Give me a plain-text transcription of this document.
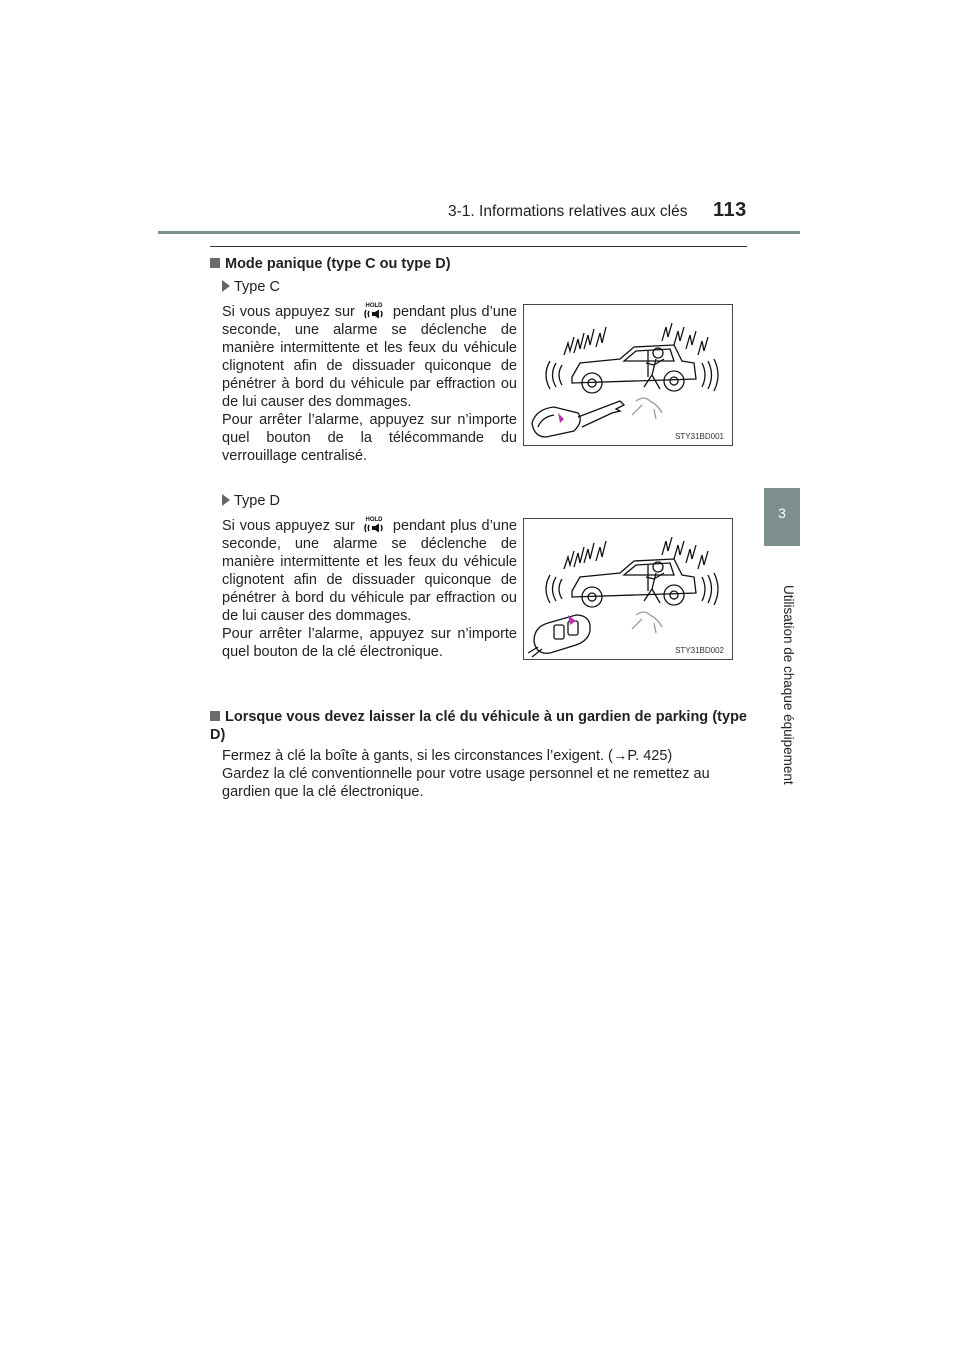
3-1. Informations relatives aux clés 113
3
Utilisation de chaque équipement
Mode panique (type C ou type D)
Type C
Si vous appuyez sur HOLD pendant plus d’une seconde, une alarme se déclenche de manière intermittente et les feux du véhicule clignotent afin de dissuader quiconque de pénétrer à bord du véhicule par effraction ou de lui causer des dommages.
Pour arrêter l’alarme, appuyez sur n’importe quel bouton de la télécommande du verrouillage centralisé.
STY31BD001
Type D
Si vous appuyez sur HOLD pendant plus d’une seconde, une alarme se déclenche de manière intermittente et les feux du véhicule clignotent afin de dissuader quiconque de pénétrer à bord du véhicule par effraction ou de lui causer des dommages.
Pour arrêter l’alarme, appuyez sur n’importe quel bouton de la clé électronique.	STY31BD002
Lorsque vous devez laisser la clé du véhicule à un gardien de parking (type D)
Fermez à clé la boîte à gants, si les circonstances l’exigent. (→P. 425)
Gardez la clé conventionnelle pour votre usage personnel et ne remettez au gardien que la clé électronique.
